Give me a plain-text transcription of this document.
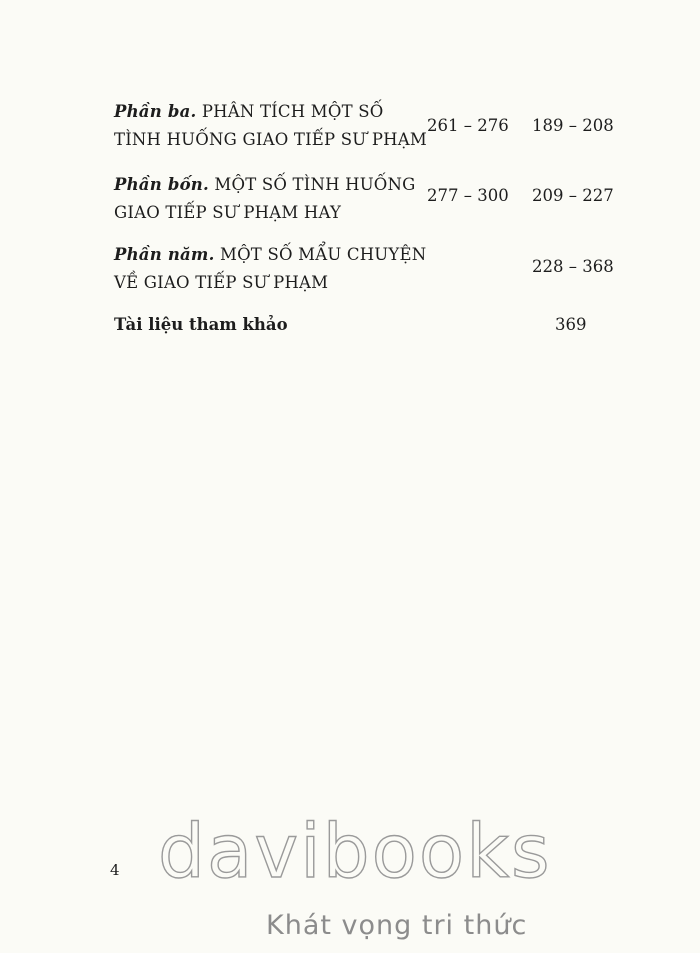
Phần ba. PHÂN TÍCH MỘT SỐ
TÌNH HUỐNG GIAO TIẾP SƯ PHẠM
261 – 276 189 – 208
Phần bốn. MỘT SỐ TÌNH HUỐNG
GIAO TIẾP SƯ PHẠM HAY
277 – 300 209 – 227
Phần năm. MỘT SỐ MẨU CHUYỆN
VỀ GIAO TIẾP SƯ PHẠM
228 – 368
Tài liệu tham khảo	369
4 davibooks
Khát vọng tri thức
